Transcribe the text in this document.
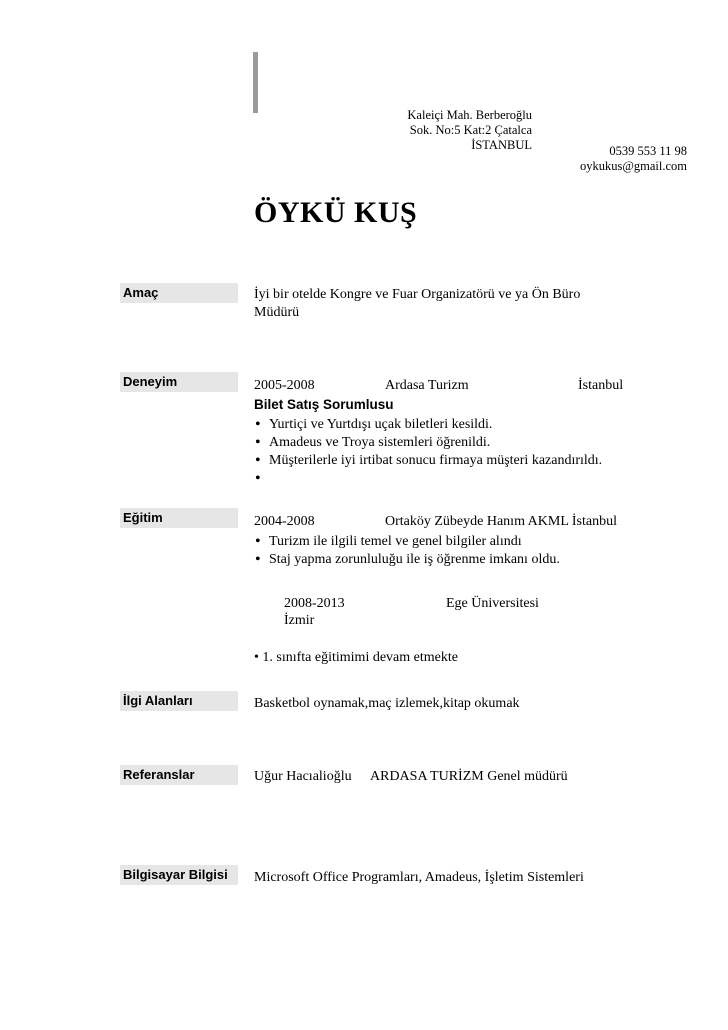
Kaleiçi Mah. Berberoğlu
Sok. No:5 Kat:2 Çatalca
İSTANBUL	0539 553 11 98
oykukus@gmail.com
ÖYKÜ KUŞ
Amaç	İyi bir otelde Kongre ve Fuar Organizatörü ve ya Ön Büro Müdürü
Deneyim	2005-2008	Ardasa Turizm	İstanbul
Bilet Satış Sorumlusu
• Yurtiçi ve Yurtdışı uçak biletleri kesildi.
• Amadeus ve Troya sistemleri öğrenildi.
• Müşterilerle iyi irtibat sonucu firmaya müşteri kazandırıldı.
•
Eğitim	2004-2008	Ortaköy Zübeyde Hanım AKML İstanbul
• Turizm ile ilgili temel ve genel bilgiler alındı
• Staj yapma zorunluluğu ile iş öğrenme imkanı oldu.
2008-2013	Ege Üniversitesi
İzmir
• 1. sınıfta eğitimimi devam etmekte
İlgi Alanları	Basketbol oynamak,maç izlemek,kitap okumak
Referanslar	Uğur Hacıalioğlu ARDASA TURİZM Genel müdürü
Bilgisayar Bilgisi	Microsoft Office Programları, Amadeus, İşletim Sistemleri
